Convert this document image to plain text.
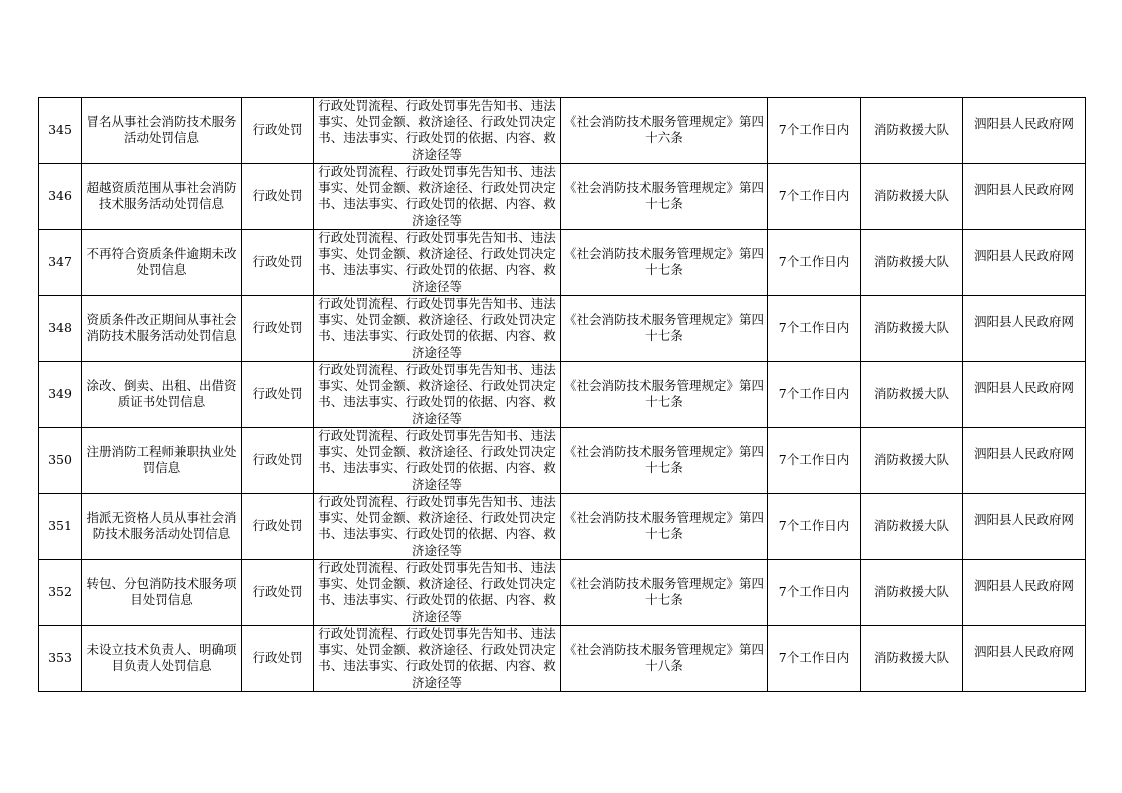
345	冒名从事社会消防技术服务活动处罚信息	行政处罚	行政处罚流程、行政处罚事先告知书、违法事实、处罚金额、救济途径、行政处罚决定书、违法事实、行政处罚的依据、内容、救济途径等	《社会消防技术服务管理规定》第四十六条	7个工作日内	消防救援大队	泗阳县人民政府网
346	超越资质范围从事社会消防技术服务活动处罚信息	行政处罚	行政处罚流程、行政处罚事先告知书、违法事实、处罚金额、救济途径、行政处罚决定书、违法事实、行政处罚的依据、内容、救济途径等	《社会消防技术服务管理规定》第四十七条	7个工作日内	消防救援大队	泗阳县人民政府网
347	不再符合资质条件逾期未改处罚信息	行政处罚	行政处罚流程、行政处罚事先告知书、违法事实、处罚金额、救济途径、行政处罚决定书、违法事实、行政处罚的依据、内容、救济途径等	《社会消防技术服务管理规定》第四十七条	7个工作日内	消防救援大队	泗阳县人民政府网
348	资质条件改正期间从事社会消防技术服务活动处罚信息	行政处罚	行政处罚流程、行政处罚事先告知书、违法事实、处罚金额、救济途径、行政处罚决定书、违法事实、行政处罚的依据、内容、救济途径等	《社会消防技术服务管理规定》第四十七条	7个工作日内	消防救援大队	泗阳县人民政府网
349	涂改、倒卖、出租、出借资质证书处罚信息	行政处罚	行政处罚流程、行政处罚事先告知书、违法事实、处罚金额、救济途径、行政处罚决定书、违法事实、行政处罚的依据、内容、救济途径等	《社会消防技术服务管理规定》第四十七条	7个工作日内	消防救援大队	泗阳县人民政府网
350	注册消防工程师兼职执业处罚信息	行政处罚	行政处罚流程、行政处罚事先告知书、违法事实、处罚金额、救济途径、行政处罚决定书、违法事实、行政处罚的依据、内容、救济途径等	《社会消防技术服务管理规定》第四十七条	7个工作日内	消防救援大队	泗阳县人民政府网
351	指派无资格人员从事社会消防技术服务活动处罚信息	行政处罚	行政处罚流程、行政处罚事先告知书、违法事实、处罚金额、救济途径、行政处罚决定书、违法事实、行政处罚的依据、内容、救济途径等	《社会消防技术服务管理规定》第四十七条	7个工作日内	消防救援大队	泗阳县人民政府网
352	转包、分包消防技术服务项目处罚信息	行政处罚	行政处罚流程、行政处罚事先告知书、违法事实、处罚金额、救济途径、行政处罚决定书、违法事实、行政处罚的依据、内容、救济途径等	《社会消防技术服务管理规定》第四十七条	7个工作日内	消防救援大队	泗阳县人民政府网
353	未设立技术负责人、明确项目负责人处罚信息	行政处罚	行政处罚流程、行政处罚事先告知书、违法事实、处罚金额、救济途径、行政处罚决定书、违法事实、行政处罚的依据、内容、救济途径等	《社会消防技术服务管理规定》第四十八条	7个工作日内	消防救援大队	泗阳县人民政府网
